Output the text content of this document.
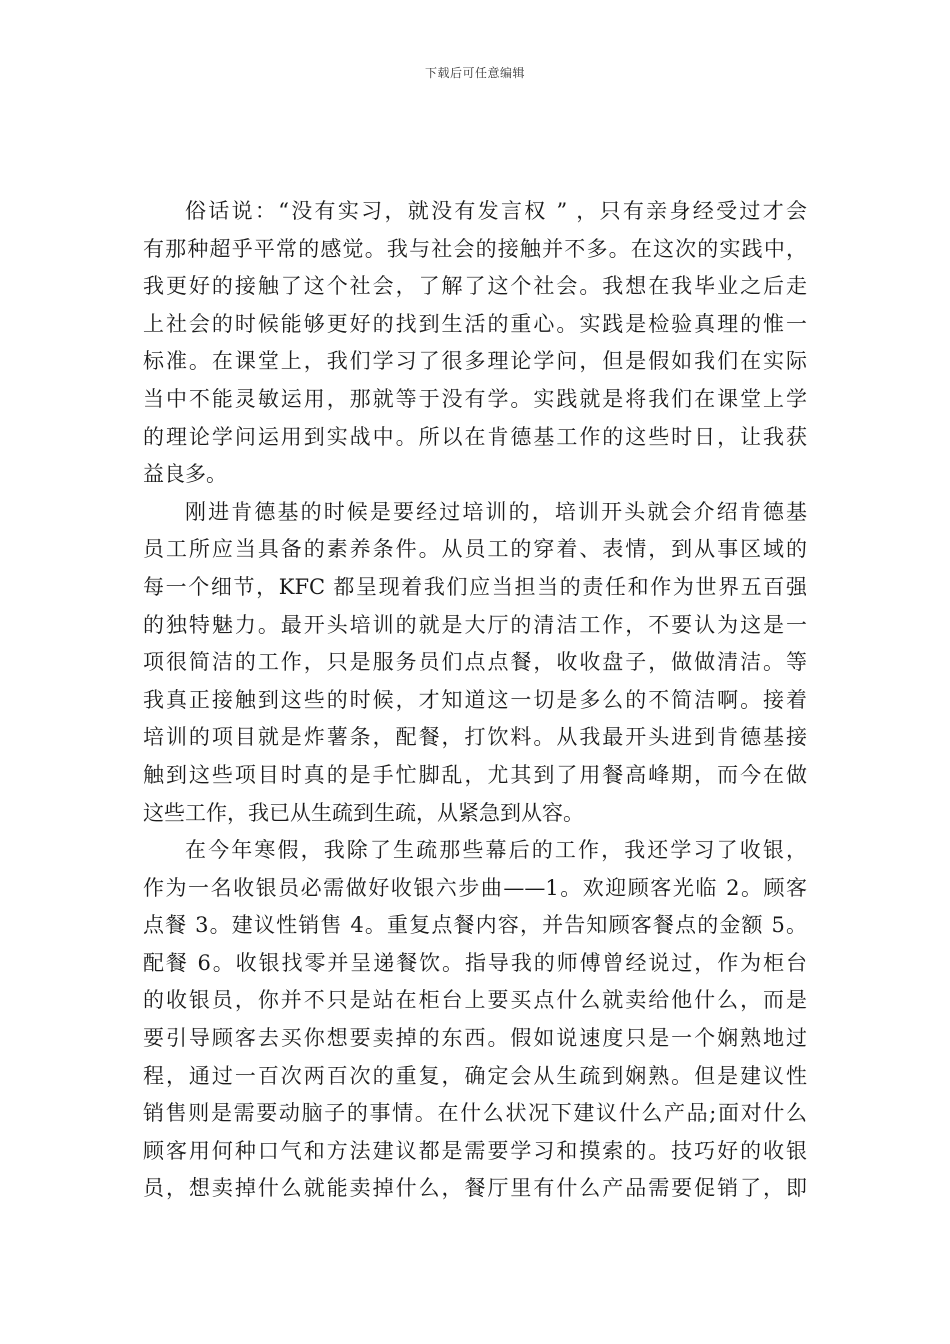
下载后可任意编辑
俗话说：“没有实习，就没有发言权 ” ，只有亲身经受过才会
有那种超乎平常的感觉。我与社会的接触并不多。在这次的实践中，
我更好的接触了这个社会，了解了这个社会。我想在我毕业之后走
上社会的时候能够更好的找到生活的重心。实践是检验真理的惟一
标准。在课堂上，我们学习了很多理论学问，但是假如我们在实际
当中不能灵敏运用，那就等于没有学。实践就是将我们在课堂上学
的理论学问运用到实战中。所以在肯德基工作的这些时日，让我获
益良多。
刚进肯德基的时候是要经过培训的，培训开头就会介绍肯德基
员工所应当具备的素养条件。从员工的穿着、表情，到从事区域的
每一个细节，KFC 都呈现着我们应当担当的责任和作为世界五百强
的独特魅力。最开头培训的就是大厅的清洁工作，不要认为这是一
项很简洁的工作，只是服务员们点点餐，收收盘子，做做清洁。等
我真正接触到这些的时候，才知道这一切是多么的不简洁啊。接着
培训的项目就是炸薯条，配餐，打饮料。从我最开头进到肯德基接
触到这些项目时真的是手忙脚乱，尤其到了用餐高峰期，而今在做
这些工作，我已从生疏到生疏，从紧急到从容。
在今年寒假，我除了生疏那些幕后的工作，我还学习了收银，
作为一名收银员必需做好收银六步曲——1。欢迎顾客光临 2。顾客
点餐 3。建议性销售 4。重复点餐内容，并告知顾客餐点的金额 5。
配餐 6。收银找零并呈递餐饮。指导我的师傅曾经说过，作为柜台
的收银员，你并不只是站在柜台上要买点什么就卖给他什么，而是
要引导顾客去买你想要卖掉的东西。假如说速度只是一个娴熟地过
程，通过一百次两百次的重复，确定会从生疏到娴熟。但是建议性
销售则是需要动脑子的事情。在什么状况下建议什么产品;面对什么
顾客用何种口气和方法建议都是需要学习和摸索的。技巧好的收银
员，想卖掉什么就能卖掉什么，餐厅里有什么产品需要促销了，即
